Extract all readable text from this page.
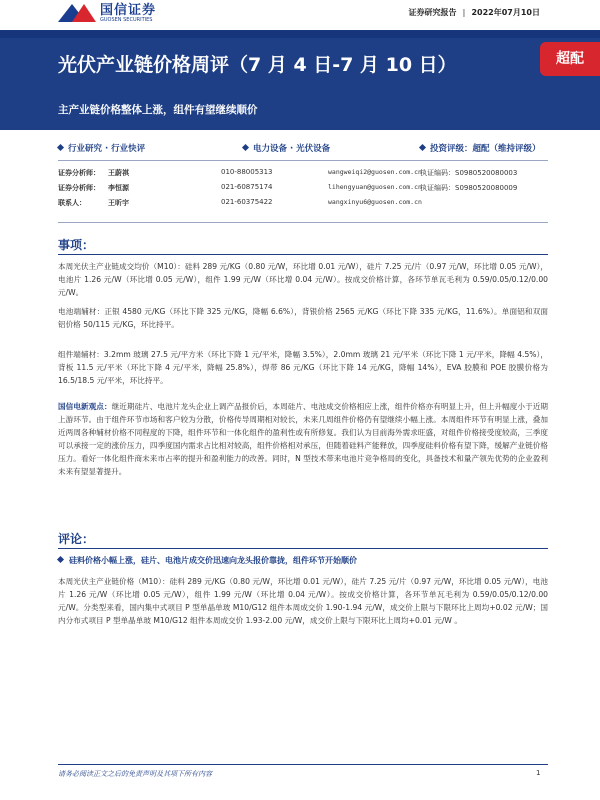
国信证券
GUOSEN SECURITIES
证券研究报告 | 2022年07月10日
光伏产业链价格周评（7 月 4 日-7 月 10 日）
主产业链价格整体上涨，组件有望继续顺价
超配
行业研究 · 行业快评	电力设备 · 光伏设备	投资评级：超配（维持评级）
证券分析师： 王蔚祺	010-88005313	wangweiqi2@guosen.com.cn
执证编码：S0980520080003
证券分析师： 李恒源	021-60875174	lihengyuan@guosen.com.cn
执证编码：S0980520080009
联系人：	王昕宇	021-60375422	wangxinyu6@guosen.com.cn
事项：
本周光伏主产业链成交均价（M10）：硅料 289 元/KG（0.80 元/W，环比增 0.01 元/W），硅片 7.25 元/片（0.97 元/W，环比增 0.05 元/W），电池片 1.26 元/W（环比增 0.05 元/W），组件 1.99 元/W（环比增 0.04 元/W）。按成交价格计算，各环节单瓦毛利为 0.59/0.05/0.12/0.00 元/W。
电池端辅材：正银 4580 元/KG（环比下降 325 元/KG，降幅 6.6%），背银价格 2565 元/KG（环比下降 335 元/KG，11.6%）。单面铝和双面铝价格 50/115 元/KG，环比持平。
组件端辅材：3.2mm 玻璃 27.5 元/平方米（环比下降 1 元/平米，降幅 3.5%），2.0mm 玻璃 21 元/平米（环比下降 1 元/平米，降幅 4.5%），背板 11.5 元/平米（环比下降 4 元/平米，降幅 25.8%），焊带 86 元/KG（环比下降 14 元/KG，降幅 14%），EVA 胶膜和 POE 胶膜价格为 16.5/18.5 元/平米，环比持平。
国信电新观点：继近期硅片、电池片龙头企业上调产品报价后，本周硅片、电池成交价格相应上涨，组件价格亦有明显上升，但上升幅度小于近期上游环节。由于组件环节市场和客户较为分散，价格传导周期相对较长，未来几周组件价格仍有望继续小幅上涨。本周组件环节有明显上涨，叠加近两周各种辅材价格不同程度的下降，组件环节和一体化组件的盈利性或有所修复。我们认为目前海外需求旺盛，对组件价格接受度较高，三季度可以承接一定的涨价压力，四季度国内需求占比相对较高，组件价格相对承压，但随着硅料产能释放，四季度硅料价格有望下降，缓解产业链价格压力。看好一体化组件商未来市占率的提升和盈利能力的改善。同时，N 型技术带来电池片竞争格局的变化，具备技术和量产领先优势的企业盈利未来有望显著提升。
评论：
硅料价格小幅上涨，硅片、电池片成交价迅速向龙头报价靠拢，组件环节开始顺价
本周光伏主产业链价格（M10）：硅料 289 元/KG（0.80 元/W，环比增 0.01 元/W），硅片 7.25 元/片（0.97 元/W，环比增 0.05 元/W），电池片 1.26 元/W（环比增 0.05 元/W），组件 1.99 元/W（环比增 0.04 元/W）。按成交价格计算，各环节单瓦毛利为 0.59/0.05/0.12/0.00 元/W。分类型来看，国内集中式项目 P 型单晶单玻 M10/G12 组件本周成交价 1.90-1.94 元/W，成交价上限与下限环比上周均+0.02 元/W；国内分布式项目 P 型单晶单玻 M10/G12 组件本周成交价 1.93-2.00 元/W，成交价上限与下限环比上周均+0.01 元/W 。
请务必阅读正文之后的免责声明及其项下所有内容	1
